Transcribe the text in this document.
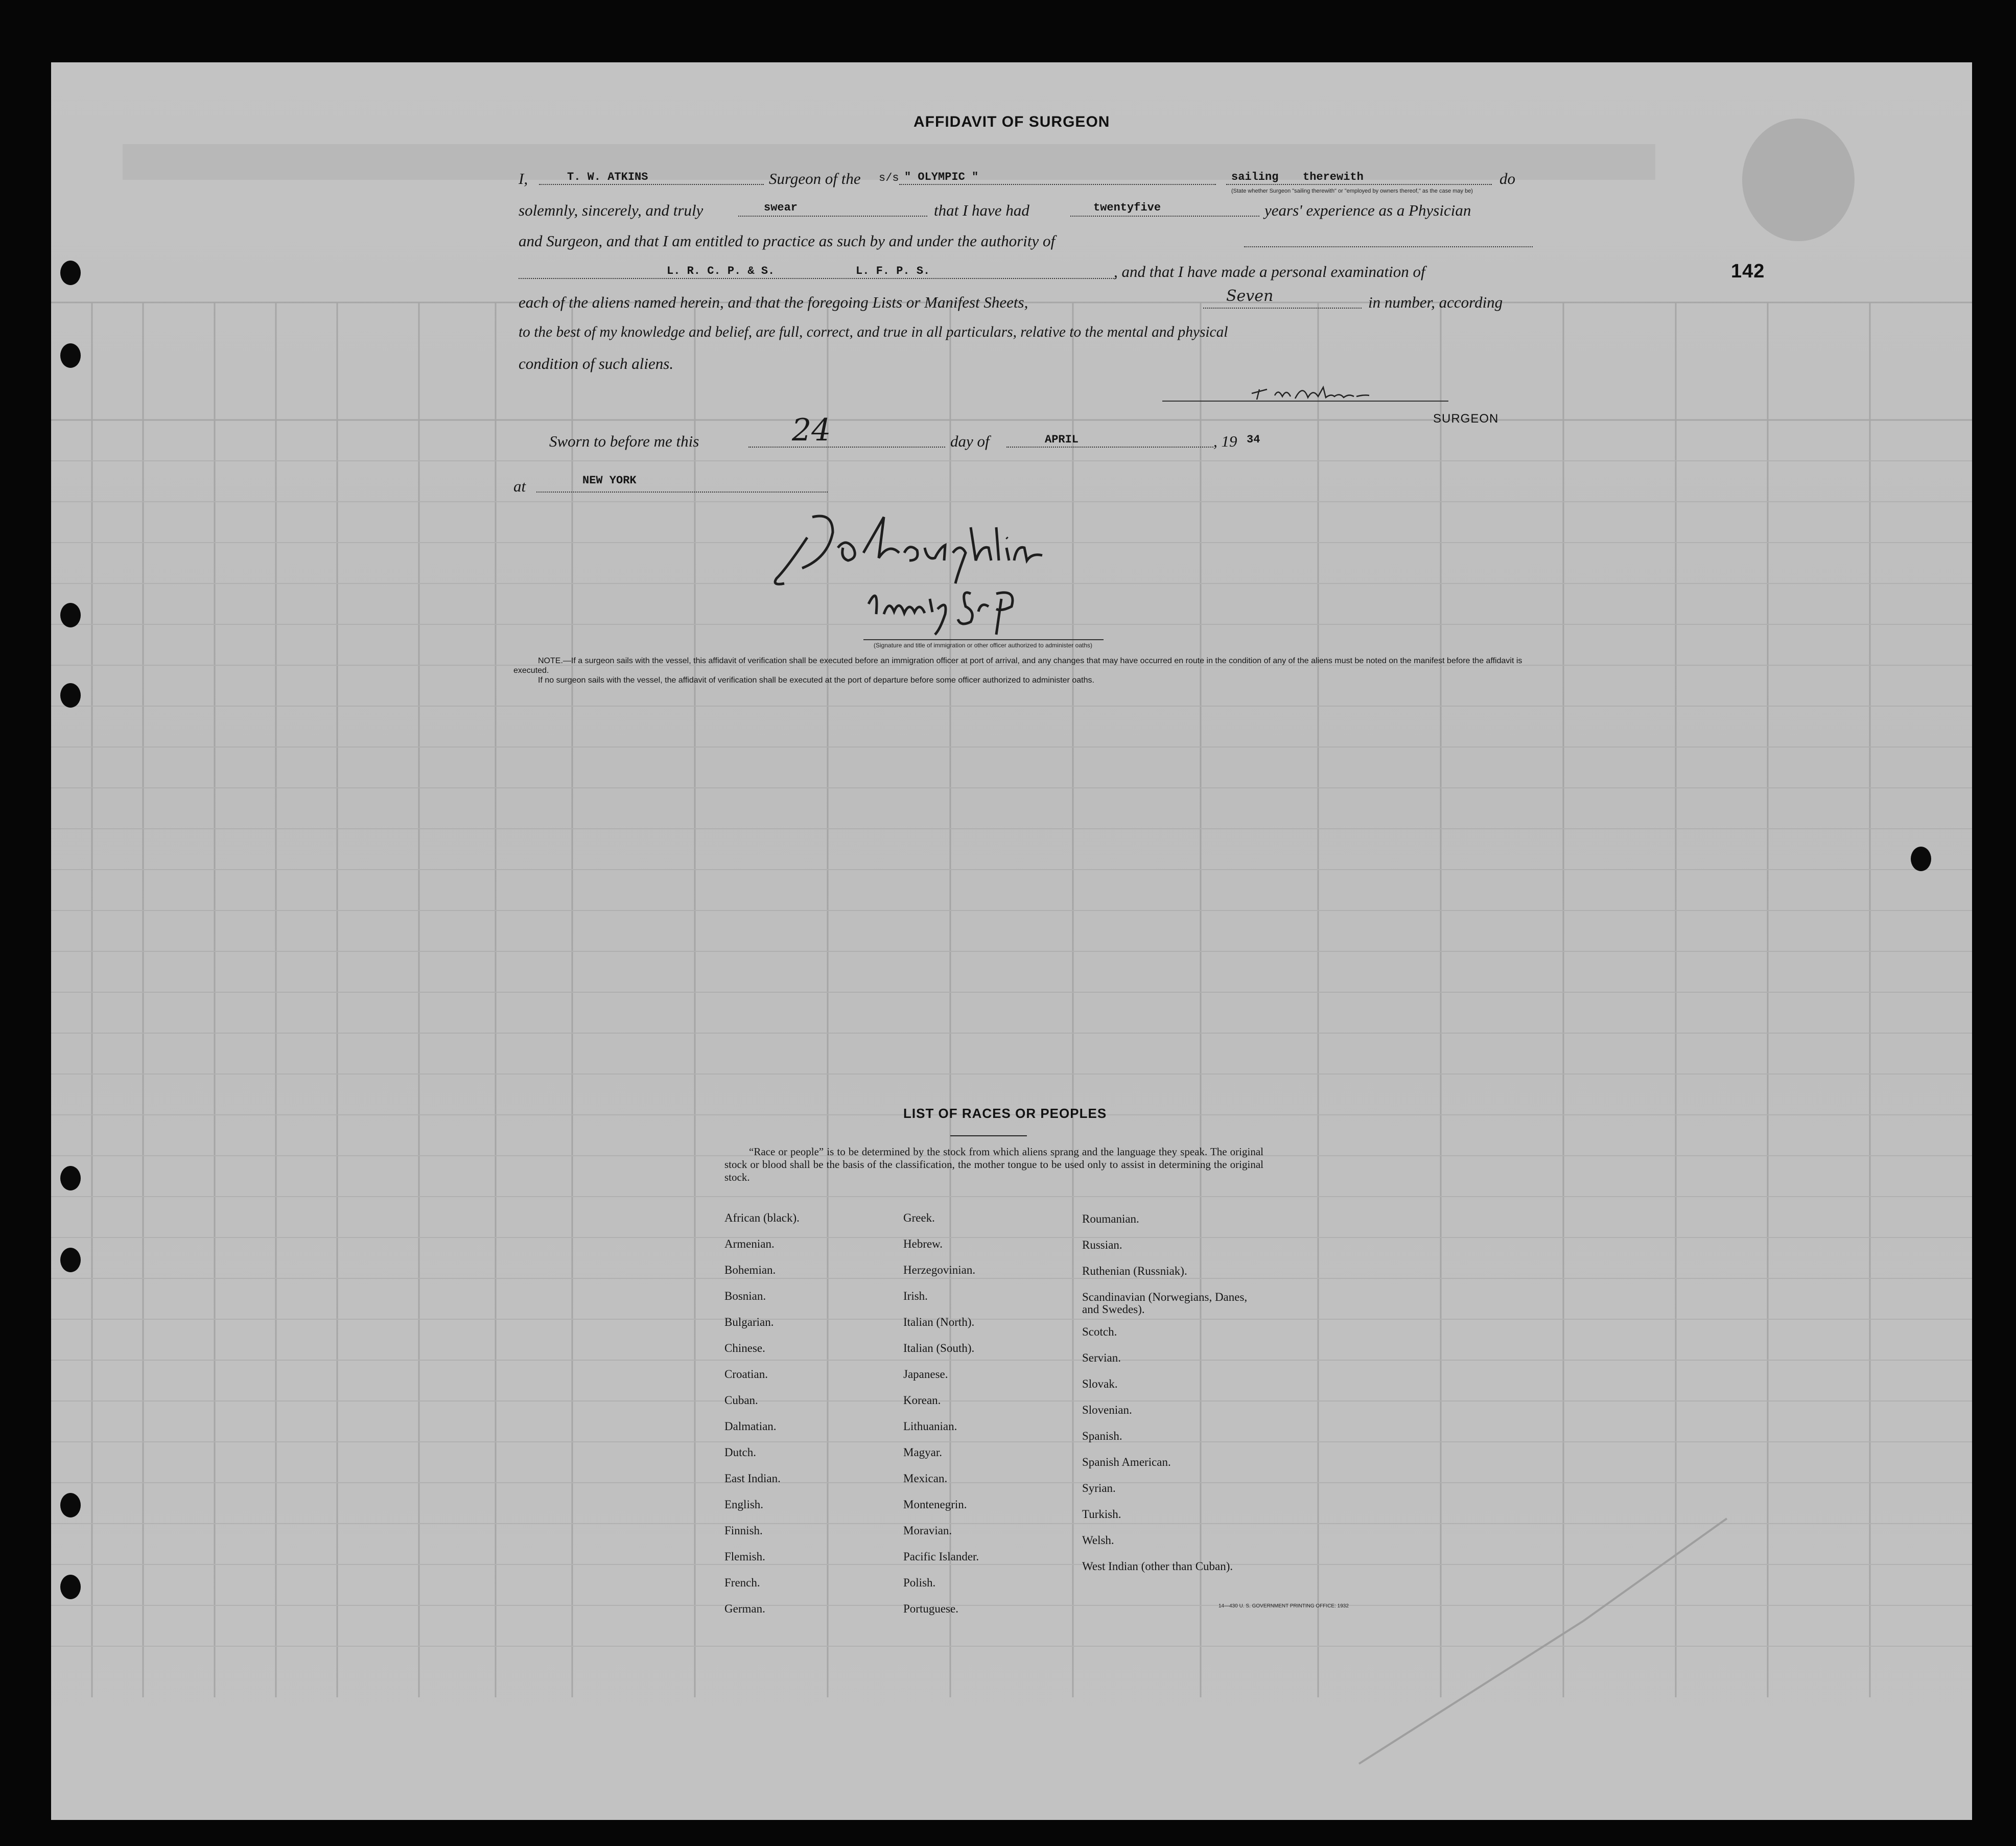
142
AFFIDAVIT OF SURGEON
I,	T. W. ATKINS	Surgeon of the s/s " OLYMPIC "	sailing therewith
(State whether Surgeon "sailing therewith" or "employed by owners thereof," as the case may be)
do
solemnly, sincerely, and truly	swear	that I have had	twentyfive	years' experience as a Physician
and Surgeon, and that I am entitled to practice as such by and under the authority of
L. R. C. P. & S.	L. F. P. S.	, and that I have made a personal examination of
each of the aliens named herein, and that the foregoing Lists or Manifest Sheets,	Seven	in number, according
to the best of my knowledge and belief, are full, correct, and true in all particulars, relative to the mental and physical
condition of such aliens.
SURGEON
Sworn to before me this	24	day of	APRIL	, 19 34
at	NEW YORK
(Signature and title of immigration or other officer authorized to administer oaths)
NOTE.—If a surgeon sails with the vessel, this affidavit of verification shall be executed before an immigration officer at port of arrival, and any changes that may have occurred en route in the condition of any of the aliens must be noted on the manifest before the affidavit is executed.
If no surgeon sails with the vessel, the affidavit of verification shall be executed at the port of departure before some officer authorized to administer oaths.
LIST OF RACES OR PEOPLES
“Race or people” is to be determined by the stock from which aliens sprang and the language they speak. The original stock or blood shall be the basis of the classification, the mother tongue to be used only to assist in determining the original stock.
African (black).
Armenian.
Bohemian.
Bosnian.
Bulgarian.
Chinese.
Croatian.
Cuban.
Dalmatian.
Dutch.
East Indian.
English.
Finnish.
Flemish.
French.
German.
Greek.
Hebrew.
Herzegovinian.
Irish.
Italian (North).
Italian (South).
Japanese.
Korean.
Lithuanian.
Magyar.
Mexican.
Montenegrin.
Moravian.
Pacific Islander.
Polish.
Portuguese.
Roumanian.
Russian.
Ruthenian (Russniak).
Scandinavian (Norwegians, Danes, and Swedes).
Scotch.
Servian.
Slovak.
Slovenian.
Spanish.
Spanish American.
Syrian.
Turkish.
Welsh.
West Indian (other than Cuban).
14—430 U. S. GOVERNMENT PRINTING OFFICE: 1932
